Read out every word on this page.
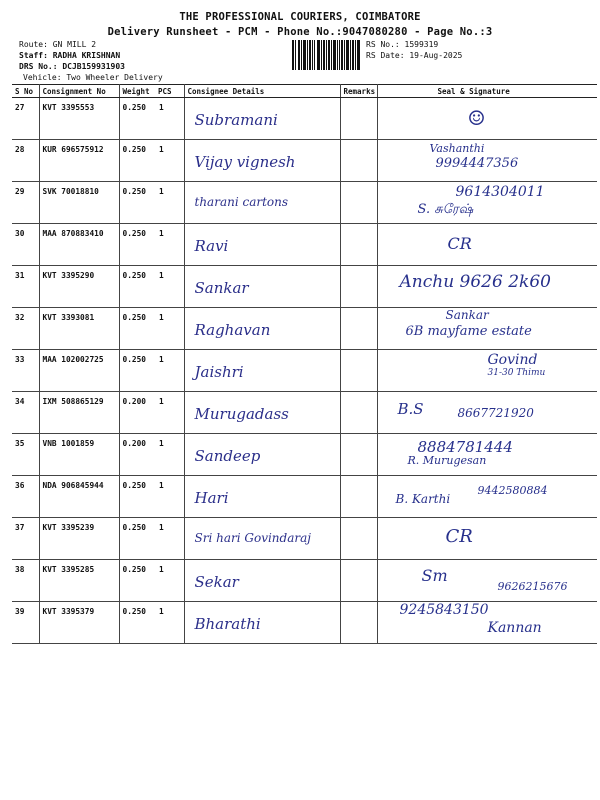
THE PROFESSIONAL COURIERS, COIMBATORE
Delivery Runsheet - PCM - Phone No.:9047080280 - Page No.:3
Route: GN MILL 2
Staff: RADHA KRISHNAN
DRS No.: DCJB159931903
Vehicle: Two Wheeler Delivery
RS No.: 1599319
RS Date: 19-Aug-2025
S No	Consignment No	Weight	PCS	Consignee Details	Remarks	Seal & Signature
27	KVT 3395553	0.250	1	Subramani		☺

28	KUR 696575912	0.250	1	Vijay vignesh		Vashanthi
9994447356

29	SVK 70018810	0.250	1	tharani cartons		9614304011
S. சுரேஷ்

30	MAA 870883410	0.250	1	Ravi		CR

31	KVT 3395290	0.250	1	Sankar		Anchu 9626 2k60

32	KVT 3393081	0.250	1	Raghavan		Sankar
6B mayfame estate

33	MAA 102002725	0.250	1	Jaishri		Govind
31-30 Thimu

34	IXM 508865129	0.200	1	Murugadass		B.S 8667721920

35	VNB 1001859	0.200	1	Sandeep		8884781444
R. Murugesan

36	NDA 906845944	0.250	1	Hari		B. Karthi
9442580884

37	KVT 3395239	0.250	1	Sri hari Govindaraj		CR

38	KVT 3395285	0.250	1	Sekar		Sm
9626215676

39	KVT 3395379	0.250	1	Bharathi		9245843150
Kannan
